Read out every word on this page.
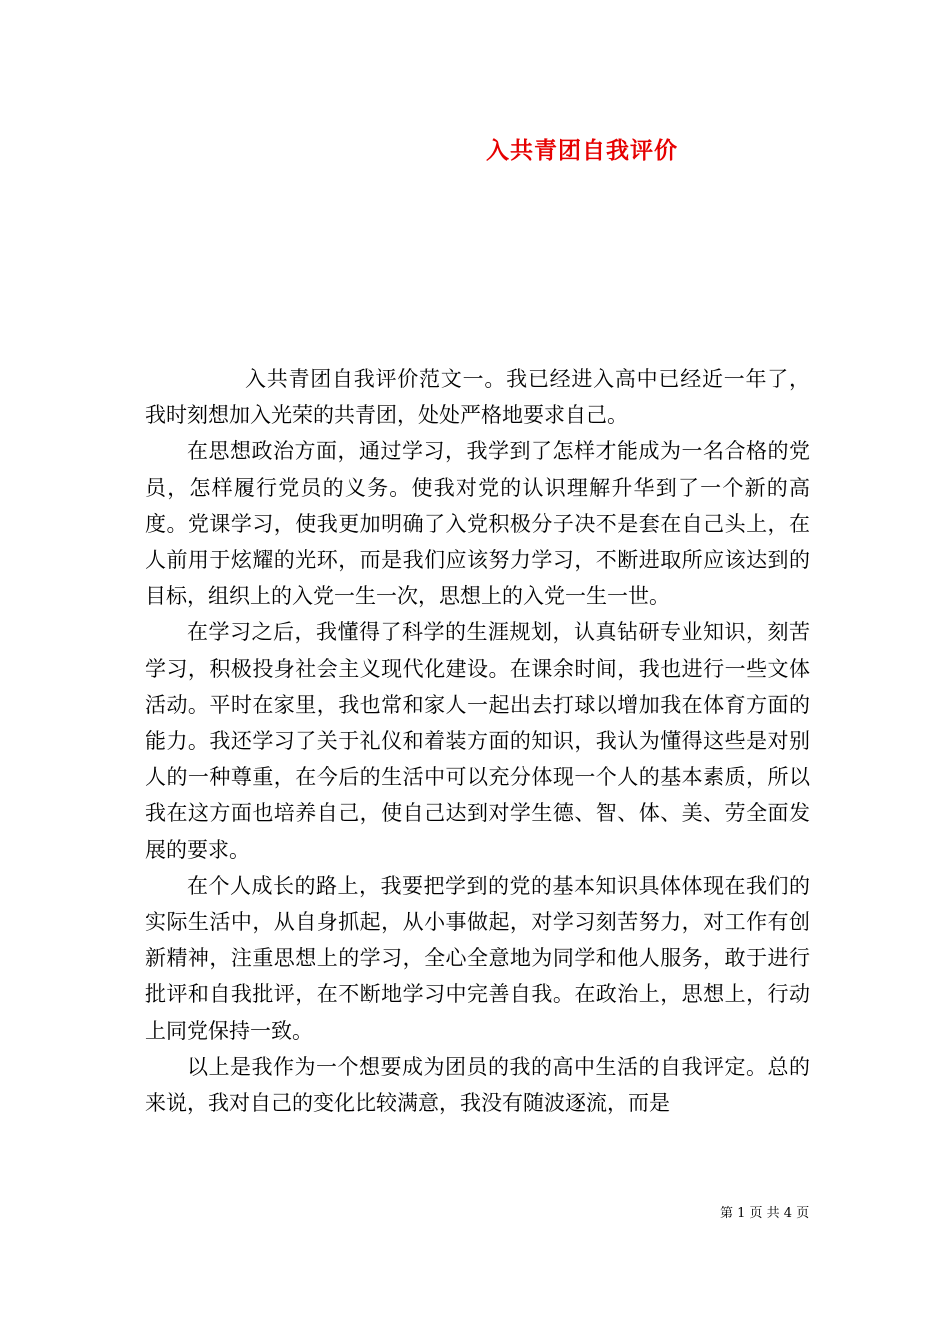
入共青团自我评价

入共青团自我评价范文一。我已经进入高中已经近一年了，我时刻想加入光荣的共青团，处处严格地要求自己。

在思想政治方面，通过学习，我学到了怎样才能成为一名合格的党员，怎样履行党员的义务。使我对党的认识理解升华到了一个新的高度。党课学习，使我更加明确了入党积极分子决不是套在自己头上，在人前用于炫耀的光环，而是我们应该努力学习，不断进取所应该达到的目标，组织上的入党一生一次，思想上的入党一生一世。

在学习之后，我懂得了科学的生涯规划，认真钻研专业知识，刻苦学习，积极投身社会主义现代化建设。在课余时间，我也进行一些文体活动。平时在家里，我也常和家人一起出去打球以增加我在体育方面的能力。我还学习了关于礼仪和着装方面的知识，我认为懂得这些是对别人的一种尊重，在今后的生活中可以充分体现一个人的基本素质，所以我在这方面也培养自己，使自己达到对学生德、智、体、美、劳全面发展的要求。

在个人成长的路上，我要把学到的党的基本知识具体体现在我们的实际生活中，从自身抓起，从小事做起，对学习刻苦努力，对工作有创新精神，注重思想上的学习，全心全意地为同学和他人服务，敢于进行批评和自我批评，在不断地学习中完善自我。在政治上，思想上，行动上同党保持一致。

以上是我作为一个想要成为团员的我的高中生活的自我评定。总的来说，我对自己的变化比较满意，我没有随波逐流，而是

第 1 页 共 4 页
